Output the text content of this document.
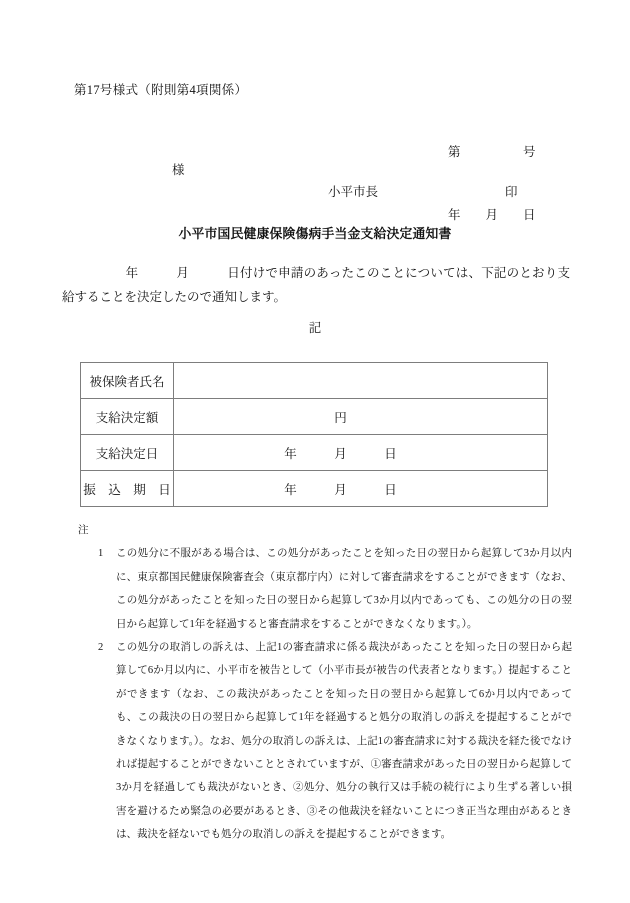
第17号様式（附則第4項関係）

第　　　　　号

年　　月　　日

様
小平市長	印
小平市国民健康保険傷病手当金支給決定通知書
　　　　　年　　　月　　　日付けで申請のあったこのことについては、下記のとおり支給することを決定したので通知します。
記
被保険者氏名	
支給決定額	円
支給決定日	年　　　月　　　日
振　込　期　日	年　　　月　　　日
注
1 この処分に不服がある場合は、この処分があったことを知った日の翌日から起算して3か月以内に、東京都国民健康保険審査会（東京都庁内）に対して審査請求をすることができます（なお、この処分があったことを知った日の翌日から起算して3か月以内であっても、この処分の日の翌日から起算して1年を経過すると審査請求をすることができなくなります。）。
2 この処分の取消しの訴えは、上記1の審査請求に係る裁決があったことを知った日の翌日から起算して6か月以内に、小平市を被告として（小平市長が被告の代表者となります。）提起することができます（なお、この裁決があったことを知った日の翌日から起算して6か月以内であっても、この裁決の日の翌日から起算して1年を経過すると処分の取消しの訴えを提起することができなくなります。）。なお、処分の取消しの訴えは、上記1の審査請求に対する裁決を経た後でなければ提起することができないこととされていますが、①審査請求があった日の翌日から起算して3か月を経過しても裁決がないとき、②処分、処分の執行又は手続の続行により生ずる著しい損害を避けるため緊急の必要があるとき、③その他裁決を経ないことにつき正当な理由があるときは、裁決を経ないでも処分の取消しの訴えを提起することができます。
